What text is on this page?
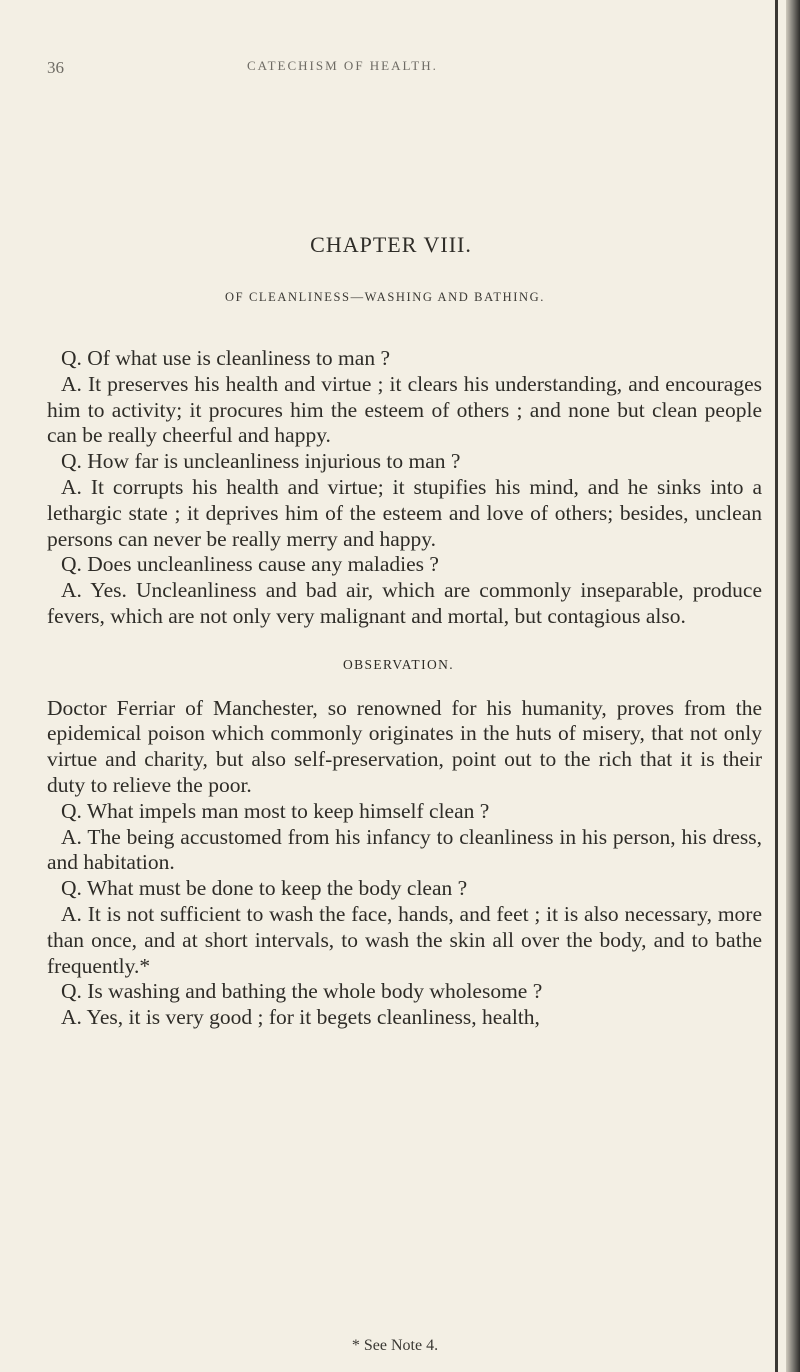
36	CATECHISM OF HEALTH.
CHAPTER VIII.
OF CLEANLINESS—WASHING AND BATHING.

Q. Of what use is cleanliness to man ?

A. It preserves his health and virtue ; it clears his understanding, and encourages him to activity; it procures him the esteem of others ; and none but clean people can be really cheerful and happy.

Q. How far is uncleanliness injurious to man ?

A. It corrupts his health and virtue; it stupifies his mind, and he sinks into a lethargic state ; it deprives him of the esteem and love of others; besides, unclean persons can never be really merry and happy.

Q. Does uncleanliness cause any maladies ?

A. Yes. Uncleanliness and bad air, which are commonly inseparable, produce fevers, which are not only very malignant and mortal, but contagious also.

OBSERVATION.

Doctor Ferriar of Manchester, so renowned for his humanity, proves from the epidemical poison which commonly originates in the huts of misery, that not only virtue and charity, but also self-preservation, point out to the rich that it is their duty to relieve the poor.

Q. What impels man most to keep himself clean ?

A. The being accustomed from his infancy to cleanliness in his person, his dress, and habitation.

Q. What must be done to keep the body clean ?

A. It is not sufficient to wash the face, hands, and feet ; it is also necessary, more than once, and at short intervals, to wash the skin all over the body, and to bathe frequently.*

Q. Is washing and bathing the whole body wholesome ?

A. Yes, it is very good ; for it begets cleanliness, health,

* See Note 4.
